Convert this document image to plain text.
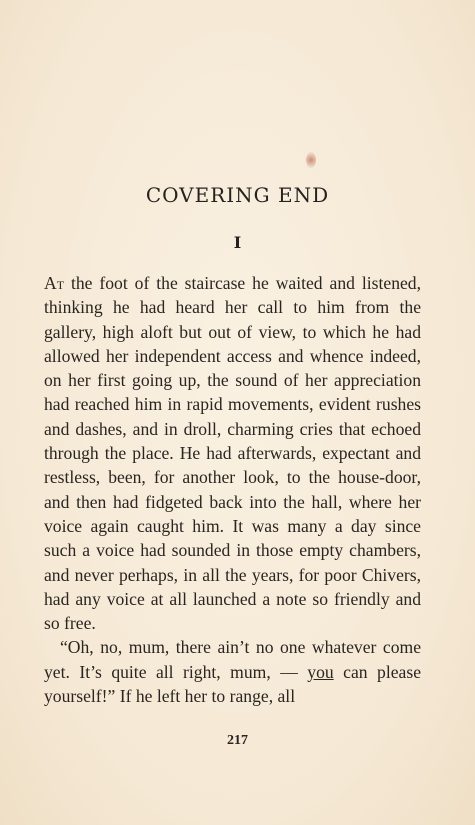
COVERING END
I

At the foot of the staircase he waited and listened, thinking he had heard her call to him from the gallery, high aloft but out of view, to which he had allowed her independent access and whence indeed, on her first going up, the sound of her appreciation had reached him in rapid movements, evident rushes and dashes, and in droll, charming cries that echoed through the place. He had afterwards, expectant and restless, been, for another look, to the house-door, and then had fidgeted back into the hall, where her voice again caught him. It was many a day since such a voice had sounded in those empty chambers, and never perhaps, in all the years, for poor Chivers, had any voice at all launched a note so friendly and so free.

“Oh, no, mum, there ain’t no one whatever come yet. It’s quite all right, mum, — you can please yourself!” If he left her to range, all

217
